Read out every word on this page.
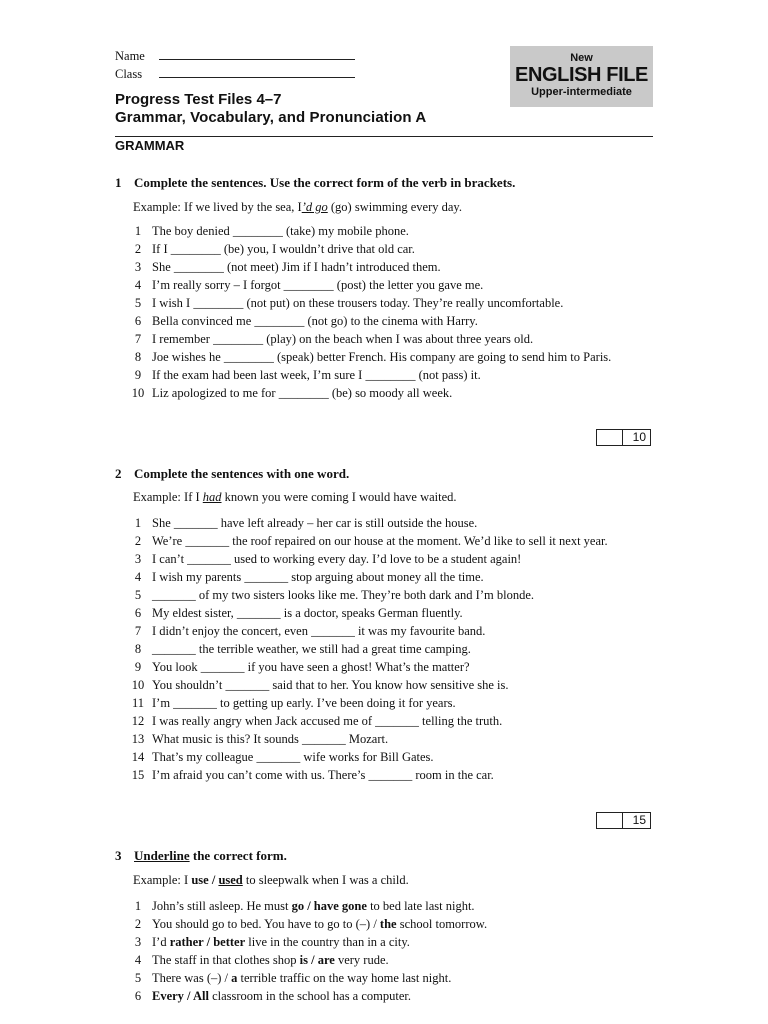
Name
Class
New
ENGLISH FILE
Upper-intermediate
Progress Test Files 4–7
Grammar, Vocabulary, and Pronunciation A
GRAMMAR
1 Complete the sentences. Use the correct form of the verb in brackets.
Example: If we lived by the sea, I’d go (go) swimming every day.
1 The boy denied ________ (take) my mobile phone.
2 If I ________ (be) you, I wouldn’t drive that old car.
3 She ________ (not meet) Jim if I hadn’t introduced them.
4 I’m really sorry – I forgot ________ (post) the letter you gave me.
5 I wish I ________ (not put) on these trousers today. They’re really uncomfortable.
6 Bella convinced me ________ (not go) to the cinema with Harry.
7 I remember ________ (play) on the beach when I was about three years old.
8 Joe wishes he ________ (speak) better French. His company are going to send him to Paris.
9 If the exam had been last week, I’m sure I ________ (not pass) it.
10 Liz apologized to me for ________ (be) so moody all week.
10
2 Complete the sentences with one word.
Example: If I had known you were coming I would have waited.
1 She _______ have left already – her car is still outside the house.
2 We’re _______ the roof repaired on our house at the moment. We’d like to sell it next year.
3 I can’t _______ used to working every day. I’d love to be a student again!
4 I wish my parents _______ stop arguing about money all the time.
5 _______ of my two sisters looks like me. They’re both dark and I’m blonde.
6 My eldest sister, _______ is a doctor, speaks German fluently.
7 I didn’t enjoy the concert, even _______ it was my favourite band.
8 _______ the terrible weather, we still had a great time camping.
9 You look _______ if you have seen a ghost! What’s the matter?
10 You shouldn’t _______ said that to her. You know how sensitive she is.
11 I’m _______ to getting up early. I’ve been doing it for years.
12 I was really angry when Jack accused me of _______ telling the truth.
13 What music is this? It sounds _______ Mozart.
14 That’s my colleague _______ wife works for Bill Gates.
15 I’m afraid you can’t come with us. There’s _______ room in the car.
15
3 Underline the correct form.
Example: I use / used to sleepwalk when I was a child.
1 John’s still asleep. He must go / have gone to bed late last night.
2 You should go to bed. You have to go to (–) / the school tomorrow.
3 I’d rather / better live in the country than in a city.
4 The staff in that clothes shop is / are very rude.
5 There was (–) / a terrible traffic on the way home last night.
6 Every / All classroom in the school has a computer.
